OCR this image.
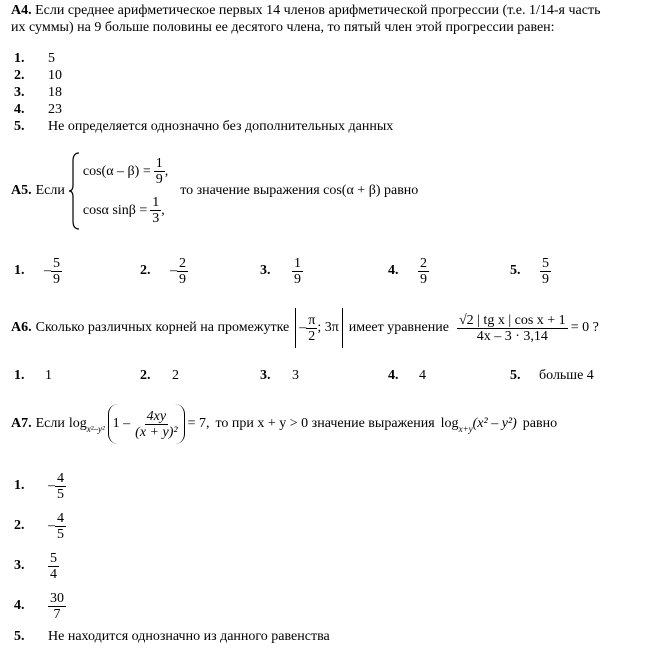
А4. Если среднее арифметическое первых 14 членов арифметической прогрессии (т.е. 1/14-я часть
их суммы) на 9 больше половины ее десятого члена, то пятый член этой прогрессии равен:
1.	5
2.	10
3.	18
4.	23
5.	Не определяется однозначно без дополнительных данных
А5. Если
$\cos(\alpha - \beta) = \frac{1}{9}$ ,
cosα $\sin\beta = \frac{1}{3}$ ,
то значение выражения cos(α + β) равно
1.	– $\frac{5}{9}$	2.	– $\frac{2}{9}$	3.	$\frac{1}{9}$	4.	$\frac{2}{9}$	5.	$\frac{5}{9}$
А6. Сколько различных корней на промежутке – $\frac{\pi}{2}$ ; 3π имеет уравнение $\frac{\text{√2 | tg x | cos x + 1}}{4x - 3 \cdot 3,14} = 0$ ?
1.	1	2.	2	3.	3	4.	4	5.	больше 4
А7. Если $\log_{x^2-y^2} 1 - \frac{4xy}{\text{(x + y)²}} = 7$, то при x + y > 0 значение выражения $\log_{x+y} (x^2 - y^2)$ равно
1.	– $\frac{4}{5}$
2.	– $\frac{4}{5}$
3.	$\frac{5}{4}$
4.	$\frac{30}{7}$
5.	Не находится однозначно из данного равенства
